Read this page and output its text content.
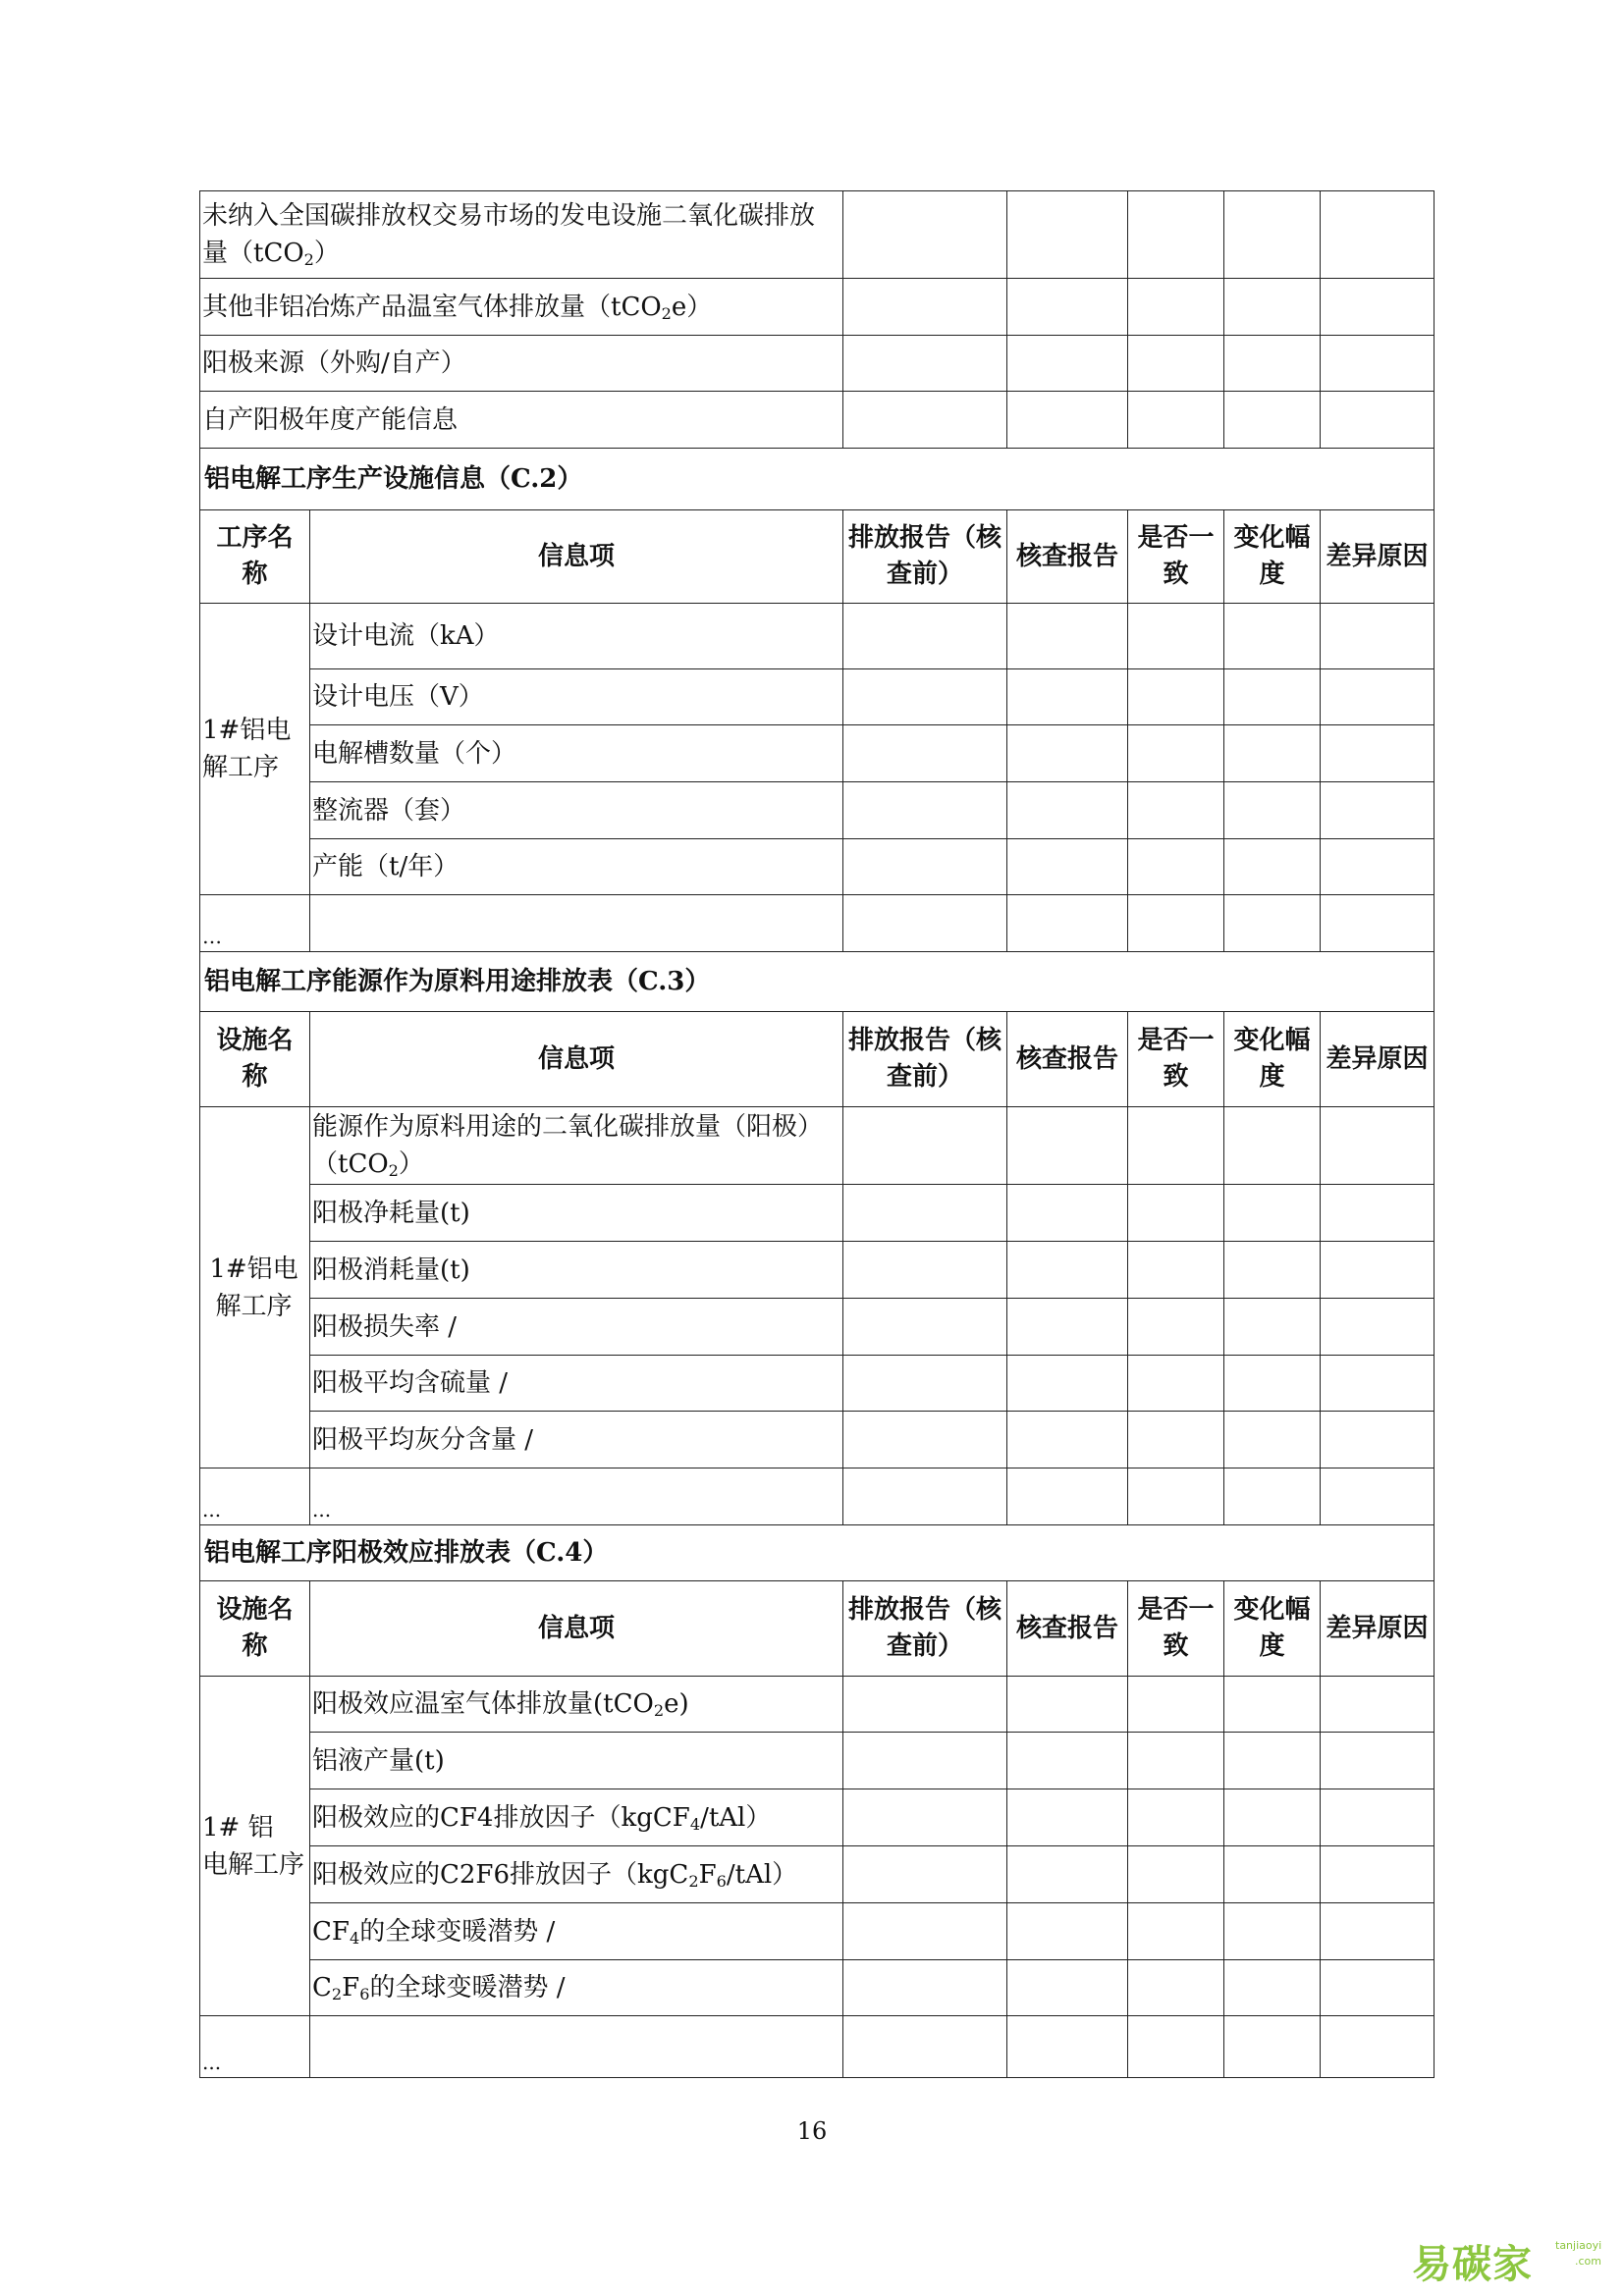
未纳入全国碳排放权交易市场的发电设施二氧化碳排放量（tCO$_2$）						
其他非铝冶炼产品温室气体排放量（tCO$_2$e）						
阳极来源（外购/自产）						
自产阳极年度产能信息						
铝电解工序生产设施信息（C.2）						
工序名称	信息项	排放报告（核查前）	核查报告	是否一致	变化幅度	差异原因
1#铝电解工序	设计电流（kA）					
	设计电压（V）					
	电解槽数量（个）					
	整流器（套）					
	产能（t/年）					
…						
铝电解工序能源作为原料用途排放表（C.3）						
设施名称	信息项	排放报告（核查前）	核查报告	是否一致	变化幅度	差异原因
1#铝电解工序	能源作为原料用途的二氧化碳排放量（阳极）（tCO$_2$）					
	阳极净耗量(t)					
	阳极消耗量(t)					
	阳极损失率 /					
	阳极平均含硫量 /					
	阳极平均灰分含量 /					
...	...					
铝电解工序阳极效应排放表（C.4）						
设施名称	信息项	排放报告（核查前）	核查报告	是否一致	变化幅度	差异原因
1# 铝 电解工序	阳极效应温室气体排放量(tCO$_2$e)					
	铝液产量(t)					
	阳极效应的CF4排放因子（kgCF$_4$/tAl）					
	阳极效应的C2F6排放因子$(kgC_2F_6/tAl)$					
	$CF_4$的全球变暖潜势 /					
	$C_2F_6$的全球变暖潜势 /					
...						
16
易碳家 tanjiaoyi
.com
